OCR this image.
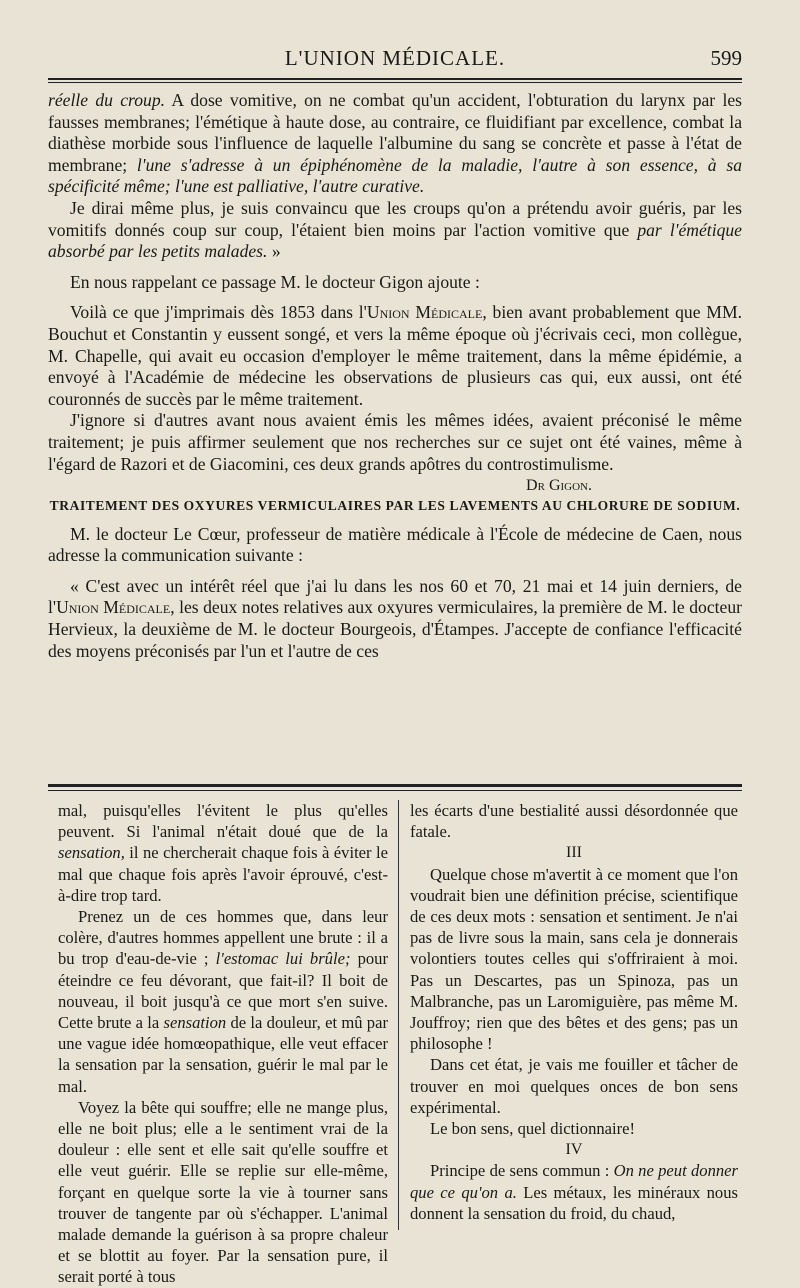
L'UNION MÉDICALE.	599

réelle du croup. A dose vomitive, on ne combat qu'un accident, l'obturation du larynx par les fausses membranes; l'émétique à haute dose, au contraire, ce fluidifiant par excellence, combat la diathèse morbide sous l'influence de laquelle l'albumine du sang se concrète et passe à l'état de membrane; l'une s'adresse à un épiphénomène de la maladie, l'autre à son essence, à sa spécificité même; l'une est palliative, l'autre curative.

Je dirai même plus, je suis convaincu que les croups qu'on a prétendu avoir guéris, par les vomitifs donnés coup sur coup, l'étaient bien moins par l'action vomitive que par l'émétique absorbé par les petits malades. »

En nous rappelant ce passage M. le docteur Gigon ajoute :

Voilà ce que j'imprimais dès 1853 dans l'Union Médicale, bien avant probablement que MM. Bouchut et Constantin y eussent songé, et vers la même époque où j'écrivais ceci, mon collègue, M. Chapelle, qui avait eu occasion d'employer le même traitement, dans la même épidémie, a envoyé à l'Académie de médecine les observations de plusieurs cas qui, eux aussi, ont été couronnés de succès par le même traitement.

J'ignore si d'autres avant nous avaient émis les mêmes idées, avaient préconisé le même traitement; je puis affirmer seulement que nos recherches sur ce sujet ont été vaines, même à l'égard de Razori et de Giacomini, ces deux grands apôtres du controstimulisme.

Dr Gigon.

TRAITEMENT DES OXYURES VERMICULAIRES PAR LES LAVEMENTS AU CHLORURE DE SODIUM.

M. le docteur Le Cœur, professeur de matière médicale à l'École de médecine de Caen, nous adresse la communication suivante :

« C'est avec un intérêt réel que j'ai lu dans les nos 60 et 70, 21 mai et 14 juin derniers, de l'Union Médicale, les deux notes relatives aux oxyures vermiculaires, la première de M. le docteur Hervieux, la deuxième de M. le docteur Bourgeois, d'Étampes. J'accepte de confiance l'efficacité des moyens préconisés par l'un et l'autre de ces

mal, puisqu'elles l'évitent le plus qu'elles peuvent. Si l'animal n'était doué que de la sensation, il ne chercherait chaque fois à éviter le mal que chaque fois après l'avoir éprouvé, c'est-à-dire trop tard.

Prenez un de ces hommes que, dans leur colère, d'autres hommes appellent une brute : il a bu trop d'eau-de-vie ; l'estomac lui brûle; pour éteindre ce feu dévorant, que fait-il? Il boit de nouveau, il boit jusqu'à ce que mort s'en suive. Cette brute a la sensation de la douleur, et mû par une vague idée homœopathique, elle veut effacer la sensation par la sensation, guérir le mal par le mal.

Voyez la bête qui souffre; elle ne mange plus, elle ne boit plus; elle a le sentiment vrai de la douleur : elle sent et elle sait qu'elle souffre et elle veut guérir. Elle se replie sur elle-même, forçant en quelque sorte la vie à tourner sans trouver de tangente par où s'échapper. L'animal malade demande la guérison à sa propre chaleur et se blottit au foyer. Par la sensation pure, il serait porté à tous

les écarts d'une bestialité aussi désordonnée que fatale.

III

Quelque chose m'avertit à ce moment que l'on voudrait bien une définition précise, scientifique de ces deux mots : sensation et sentiment. Je n'ai pas de livre sous la main, sans cela je donnerais volontiers toutes celles qui s'offriraient à moi. Pas un Descartes, pas un Spinoza, pas un Malbranche, pas un Laromiguière, pas même M. Jouffroy; rien que des bêtes et des gens; pas un philosophe !

Dans cet état, je vais me fouiller et tâcher de trouver en moi quelques onces de bon sens expérimental.

Le bon sens, quel dictionnaire!

IV

Principe de sens commun : On ne peut donner que ce qu'on a. Les métaux, les minéraux nous donnent la sensation du froid, du chaud,
